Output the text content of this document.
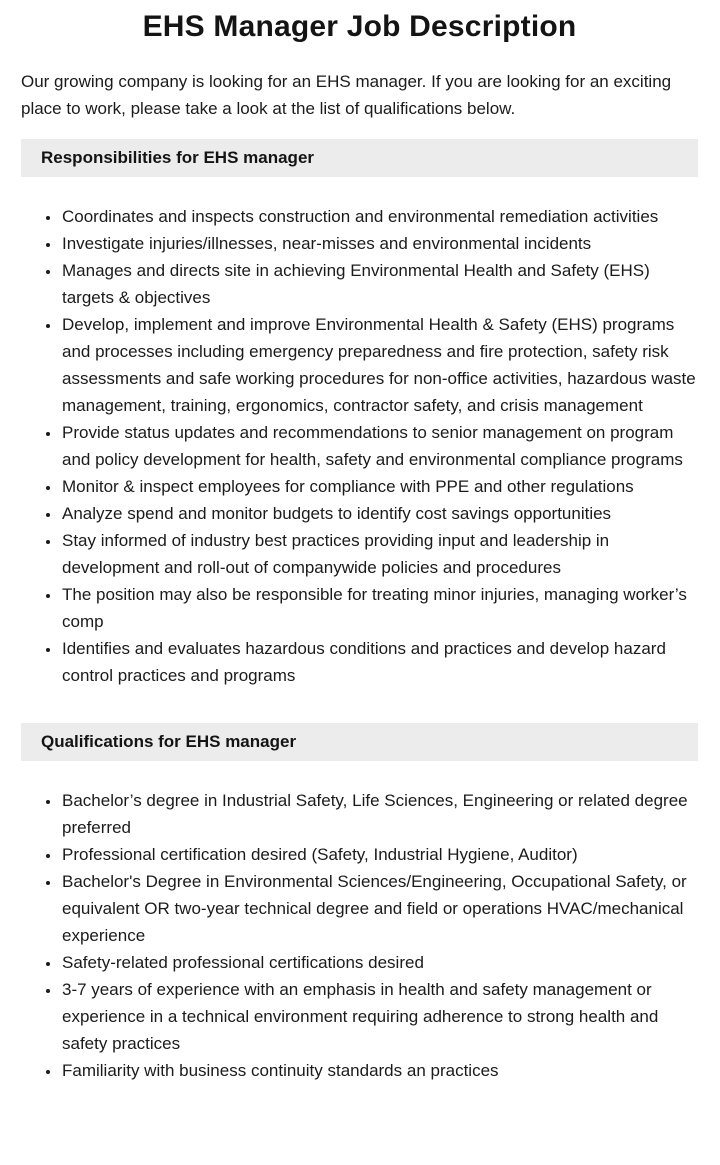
EHS Manager Job Description

Our growing company is looking for an EHS manager. If you are looking for an exciting place to work, please take a look at the list of qualifications below.

Responsibilities for EHS manager
• Coordinates and inspects construction and environmental remediation activities
• Investigate injuries/illnesses, near-misses and environmental incidents
• Manages and directs site in achieving Environmental Health and Safety (EHS) targets & objectives
• Develop, implement and improve Environmental Health & Safety (EHS) programs and processes including emergency preparedness and fire protection, safety risk assessments and safe working procedures for non-office activities, hazardous waste management, training, ergonomics, contractor safety, and crisis management
• Provide status updates and recommendations to senior management on program and policy development for health, safety and environmental compliance programs
• Monitor & inspect employees for compliance with PPE and other regulations
• Analyze spend and monitor budgets to identify cost savings opportunities
• Stay informed of industry best practices providing input and leadership in development and roll-out of companywide policies and procedures
• The position may also be responsible for treating minor injuries, managing worker’s comp
• Identifies and evaluates hazardous conditions and practices and develop hazard control practices and programs
Qualifications for EHS manager
• Bachelor’s degree in Industrial Safety, Life Sciences, Engineering or related degree preferred
• Professional certification desired (Safety, Industrial Hygiene, Auditor)
• Bachelor's Degree in Environmental Sciences/Engineering, Occupational Safety, or equivalent OR two-year technical degree and field or operations HVAC/mechanical experience
• Safety-related professional certifications desired
• 3-7 years of experience with an emphasis in health and safety management or experience in a technical environment requiring adherence to strong health and safety practices
• Familiarity with business continuity standards an practices
